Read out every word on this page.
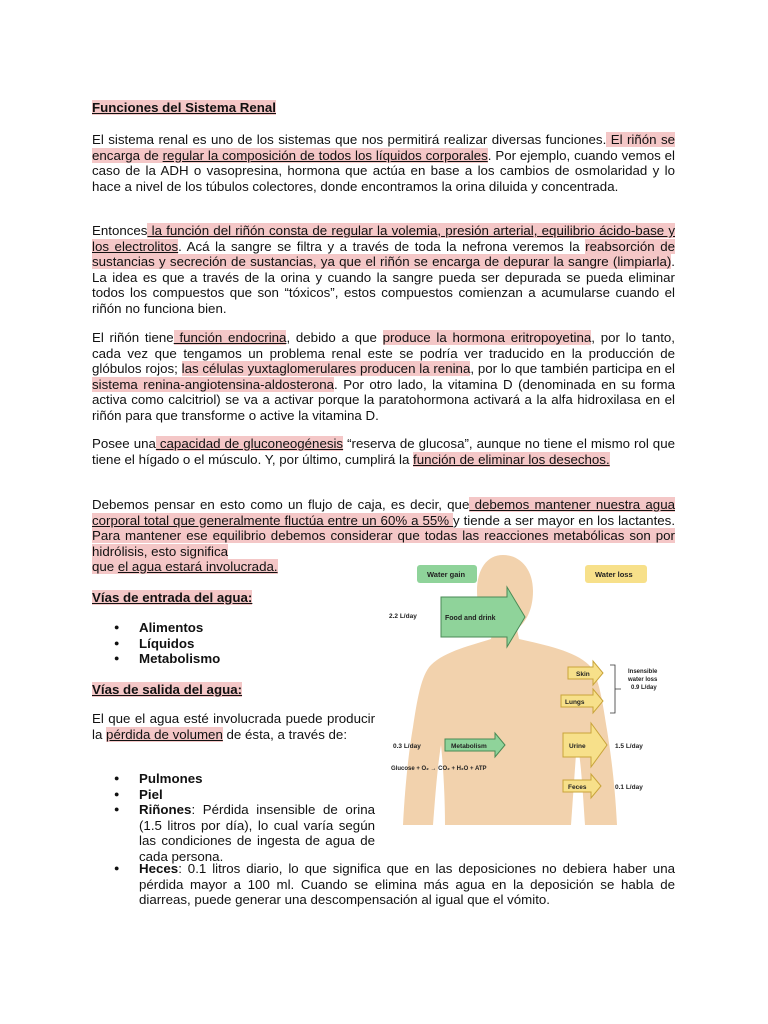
Funciones del Sistema Renal

El sistema renal es uno de los sistemas que nos permitirá realizar diversas funciones. El riñón se encarga de regular la composición de todos los líquidos corporales. Por ejemplo, cuando vemos el caso de la ADH o vasopresina, hormona que actúa en base a los cambios de osmolaridad y lo hace a nivel de los túbulos colectores, donde encontramos la orina diluida y concentrada.

Entonces la función del riñón consta de regular la volemia, presión arterial, equilibrio ácido-base y los electrolitos. Acá la sangre se filtra y a través de toda la nefrona veremos la reabsorción de sustancias y secreción de sustancias, ya que el riñón se encarga de depurar la sangre (limpiarla). La idea es que a través de la orina y cuando la sangre pueda ser depurada se pueda eliminar todos los compuestos que son “tóxicos”, estos compuestos comienzan a acumularse cuando el riñón no funciona bien.

El riñón tiene función endocrina, debido a que produce la hormona eritropoyetina, por lo tanto, cada vez que tengamos un problema renal este se podría ver traducido en la producción de glóbulos rojos; las células yuxtaglomerulares producen la renina, por lo que también participa en el sistema renina-angiotensina-aldosterona. Por otro lado, la vitamina D (denominada en su forma activa como calcitriol) se va a activar porque la paratohormona activará a la alfa hidroxilasa en el riñón para que transforme o active la vitamina D.

Posee una capacidad de gluconeogénesis “reserva de glucosa”, aunque no tiene el mismo rol que tiene el hígado o el músculo. Y, por último, cumplirá la función de eliminar los desechos.

Debemos pensar en esto como un flujo de caja, es decir, que debemos mantener nuestra agua corporal total que generalmente fluctúa entre un 60% a 55% y tiende a ser mayor en los lactantes. Para mantener ese equilibrio debemos considerar que todas las reacciones metabólicas son por hidrólisis, esto significa

que el agua estará involucrada.
Vías de entrada del agua:
● Alimentos
● Líquidos
● Metabolismo
Vías de salida del agua:

El que el agua esté involucrada puede producir la pérdida de volumen de ésta, a través de:

● Pulmones
● Piel
● Riñones: Pérdida insensible de orina (1.5 litros por día), lo cual varía según las condiciones de ingesta de agua de cada persona.
● Heces: 0.1 litros diario, lo que significa que en las deposiciones no debiera haber una pérdida mayor a 100 ml. Cuando se elimina más agua en la deposición se habla de diarreas, puede generar una descompensación al igual que el vómito.
Water gain	Water loss
2.2 L/day	Food and drink
Skin
Lungs
Insensible
water loss
0.9 L/day
0.3 L/day	Metabolism
Glucose + O₂ → CO₂ + H₂O + ATP
Urine	1.5 L/day
Feces	0.1 L/day
